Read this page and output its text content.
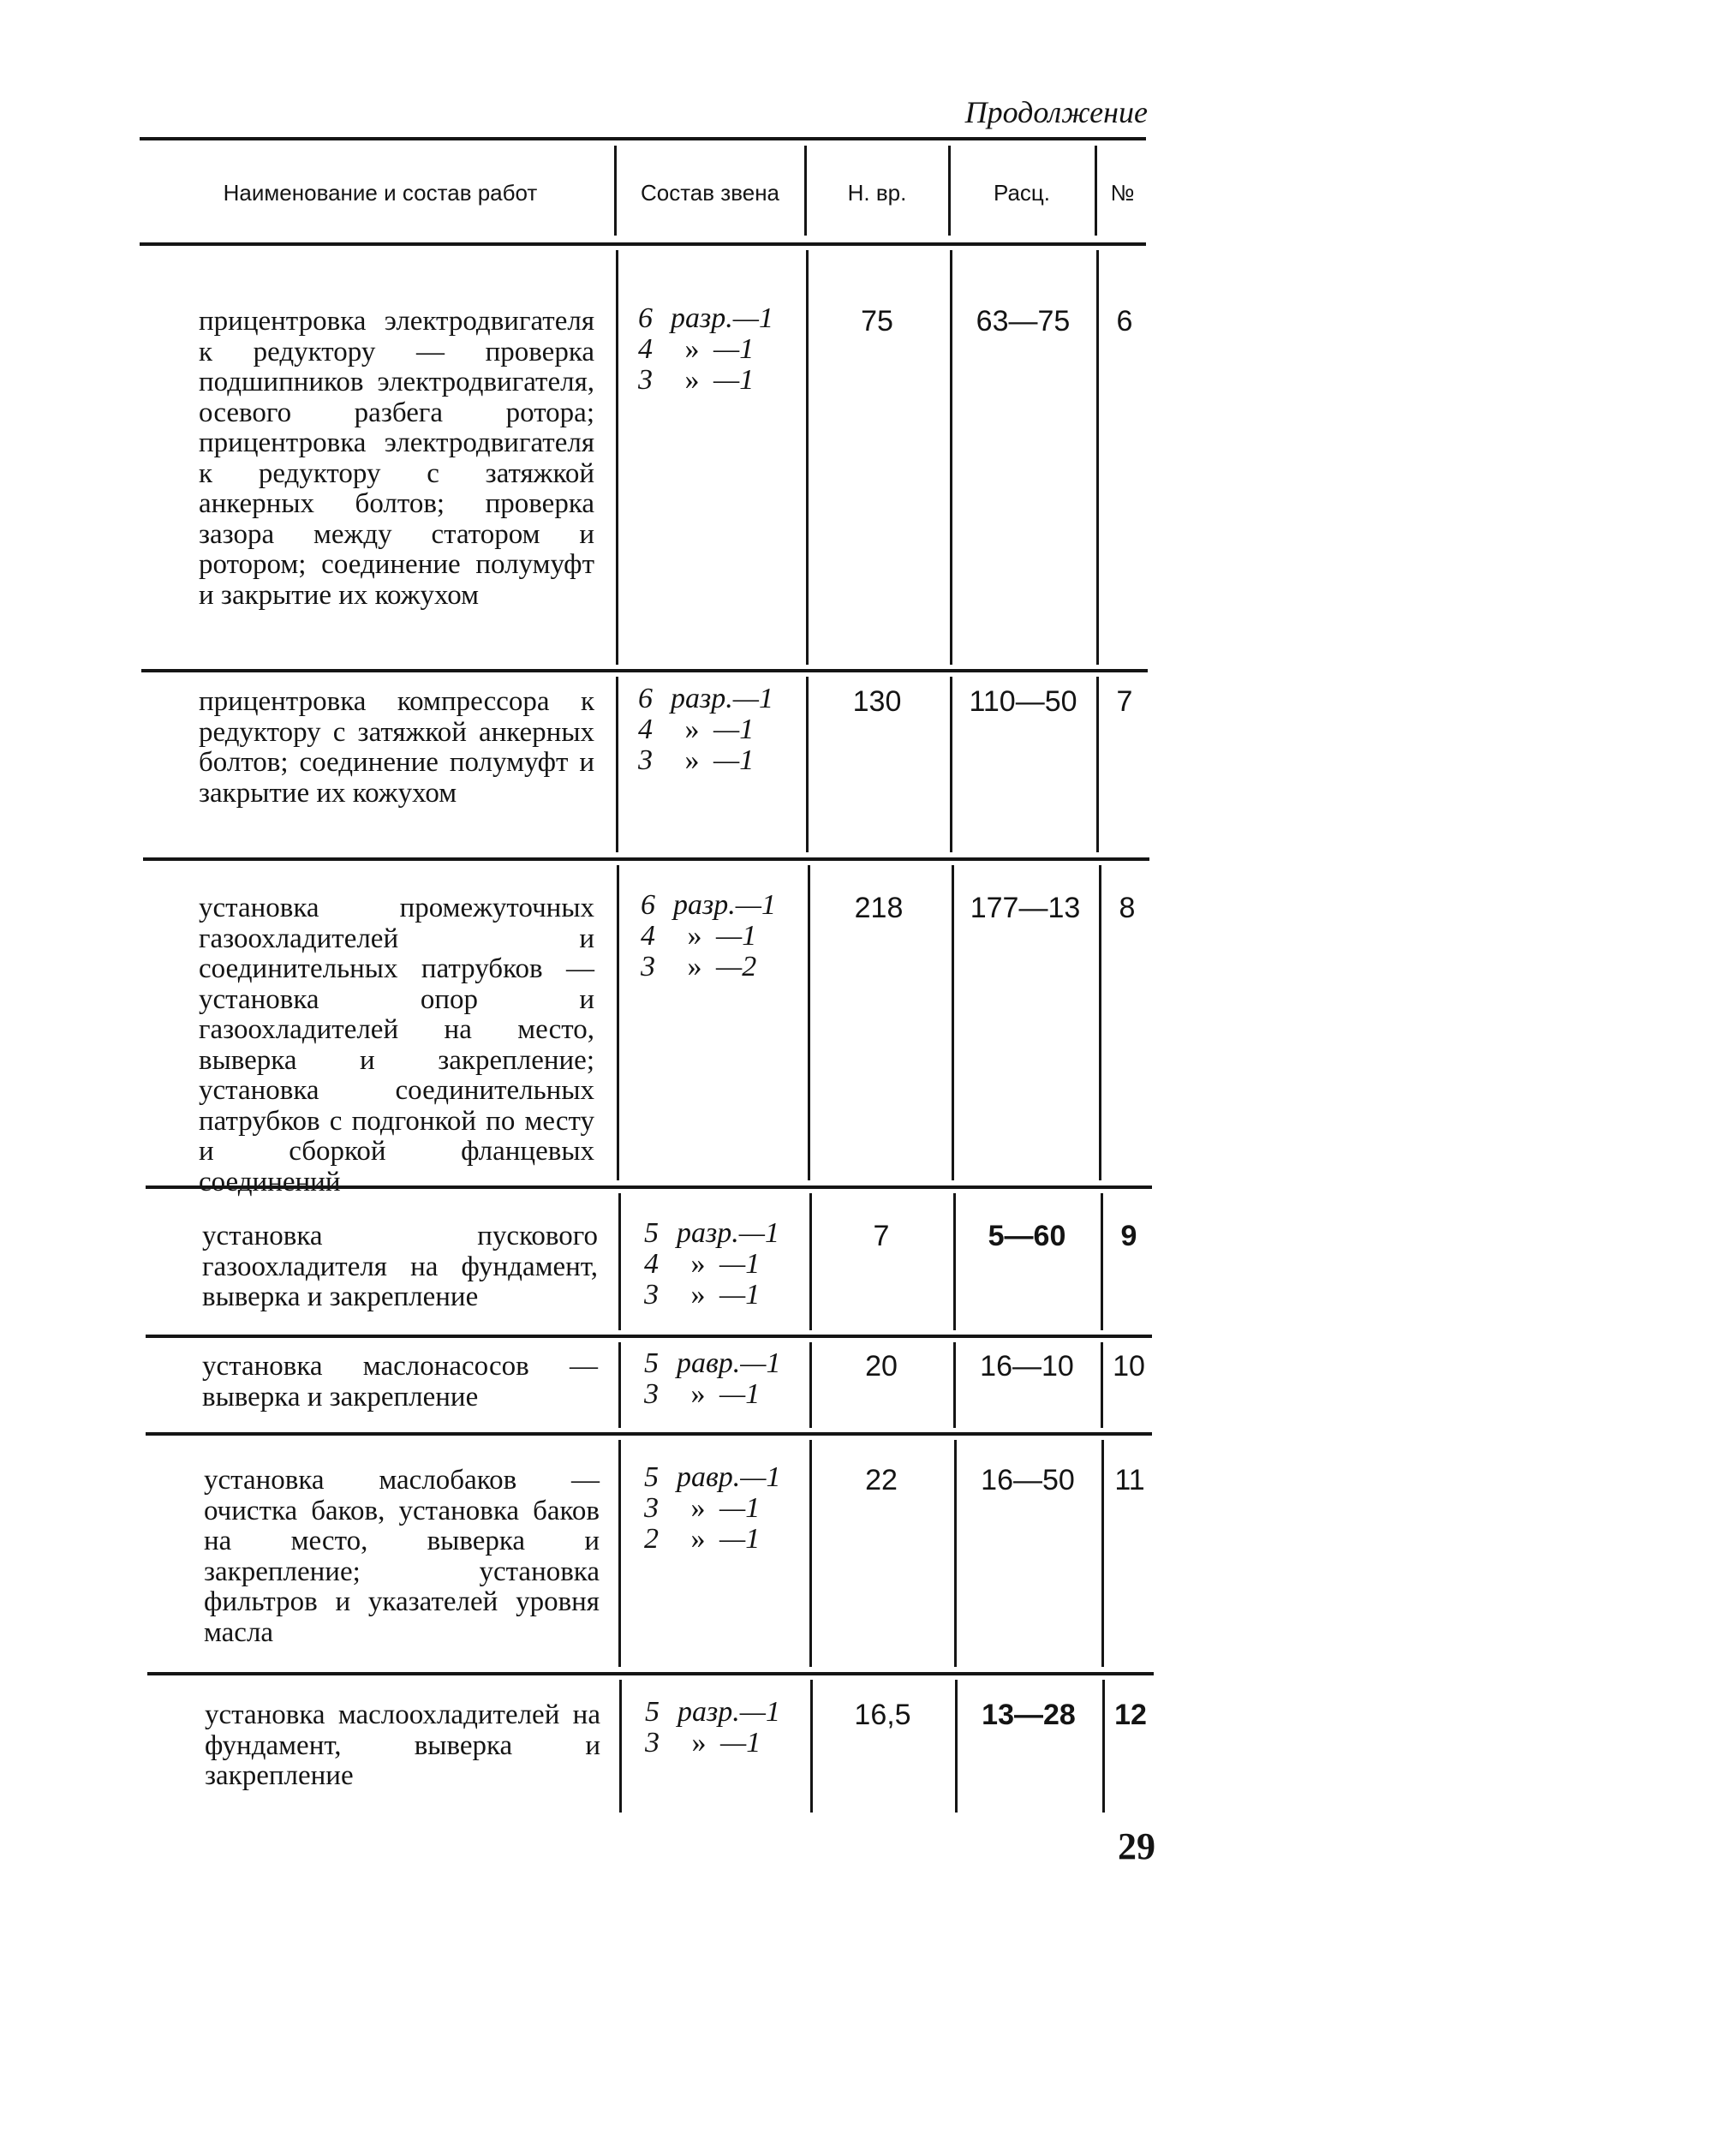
Продолжение
Наименование и состав работ	Состав звена	Н. вр.	Расц.	№
прицентровка электродвигателя к редуктору — проверка подшипников электродвигателя, осевого разбега ротора; прицентровка электродвигателя к редуктору с затяжкой анкерных болтов; проверка зазора между статором и ротором; соединение полумуфт и закрытие их кожухом
6 разр. —1
4	» —1
3	» —1
75	63—75	6
прицентровка компрессора к редуктору с затяжкой анкерных болтов; соединение полумуфт и закрытие их кожухом
6 разр. —1
4	» —1
3	» —1
130	110—50	7
установка промежуточных газоохладителей и соединительных патрубков — установка опор и газоохладителей на место, выверка и закрепление; установка соединительных патрубков с подгонкой по месту и сборкой фланцевых соединений
6 разр. —1
4	» —1
3	» —2
218	177—13	8
установка пускового газоохладителя на фундамент, выверка и закрепление
5 разр. —1
4	» —1
3	» —1
7	5—60	9
установка маслонасосов — выверка и закрепление
5 равр. —1
3	» —1
20	16—10	10
установка маслобаков — очистка баков, установка баков на место, выверка и закрепление; установка фильтров и указателей уровня масла
5 равр. —1
3	» —1
2	» —1
22	16—50	11
установка маслоохладителей на фундамент, выверка и закрепление
5 разр. —1
3	» —1
16,5	13—28	12
29
